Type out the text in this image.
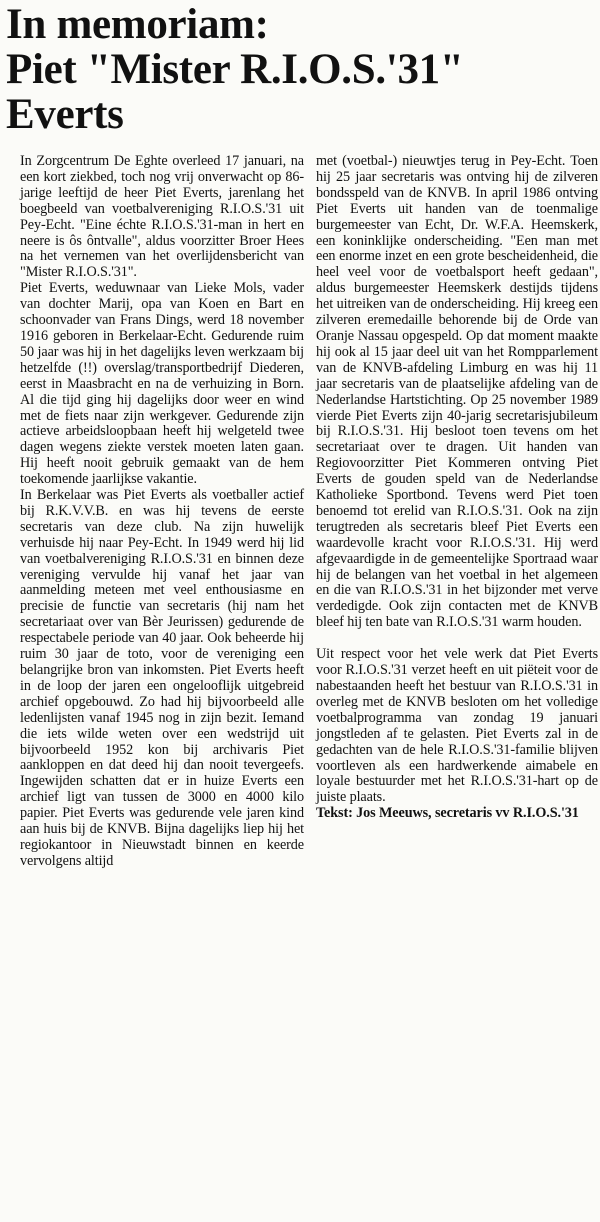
In memoriam:
Piet "Mister R.I.O.S.'31"
Everts

In Zorgcentrum De Eghte overleed 17 januari, na een kort ziekbed, toch nog vrij onverwacht op 86-jarige leeftijd de heer Piet Everts, jarenlang het boegbeeld van voetbalvereniging R.I.O.S.'31 uit Pey-Echt. "Eine échte R.I.O.S.'31-man in hert en neere is ôs ôntvalle", aldus voorzitter Broer Hees na het vernemen van het overlijdensbericht van "Mister R.I.O.S.'31".

Piet Everts, weduwnaar van Lieke Mols, vader van dochter Marij, opa van Koen en Bart en schoonvader van Frans Dings, werd 18 november 1916 geboren in Berkelaar-Echt. Gedurende ruim 50 jaar was hij in het dagelijks leven werkzaam bij hetzelfde (!!) overslag/transportbedrijf Diederen, eerst in Maasbracht en na de verhuizing in Born. Al die tijd ging hij dagelijks door weer en wind met de fiets naar zijn werkgever. Gedurende zijn actieve arbeidsloopbaan heeft hij welgeteld twee dagen wegens ziekte verstek moeten laten gaan. Hij heeft nooit gebruik gemaakt van de hem toekomende jaarlijkse vakantie.

In Berkelaar was Piet Everts als voetballer actief bij R.K.V.V.B. en was hij tevens de eerste secretaris van deze club. Na zijn huwelijk verhuisde hij naar Pey-Echt. In 1949 werd hij lid van voetbalvereniging R.I.O.S.'31 en binnen deze vereniging vervulde hij vanaf het jaar van aanmelding meteen met veel enthousiasme en precisie de functie van secretaris (hij nam het secretariaat over van Bèr Jeurissen) gedurende de respectabele periode van 40 jaar. Ook beheerde hij ruim 30 jaar de toto, voor de vereniging een belangrijke bron van inkomsten. Piet Everts heeft in de loop der jaren een ongelooflijk uitgebreid archief opgebouwd. Zo had hij bijvoorbeeld alle ledenlijsten vanaf 1945 nog in zijn bezit. Iemand die iets wilde weten over een wedstrijd uit bijvoorbeeld 1952 kon bij archivaris Piet aankloppen en dat deed hij dan nooit tevergeefs. Ingewijden schatten dat er in huize Everts een archief ligt van tussen de 3000 en 4000 kilo papier. Piet Everts was gedurende vele jaren kind aan huis bij de KNVB. Bijna dagelijks liep hij het regiokantoor in Nieuwstadt binnen en keerde vervolgens altijd

met (voetbal-) nieuwtjes terug in Pey-Echt. Toen hij 25 jaar secretaris was ontving hij de zilveren bondsspeld van de KNVB. In april 1986 ontving Piet Everts uit handen van de toenmalige burgemeester van Echt, Dr. W.F.A. Heemskerk, een koninklijke onderscheiding. "Een man met een enorme inzet en een grote bescheidenheid, die heel veel voor de voetbalsport heeft gedaan", aldus burgemeester Heemskerk destijds tijdens het uitreiken van de onderscheiding. Hij kreeg een zilveren eremedaille behorende bij de Orde van Oranje Nassau opgespeld. Op dat moment maakte hij ook al 15 jaar deel uit van het Rompparlement van de KNVB-afdeling Limburg en was hij 11 jaar secretaris van de plaatselijke afdeling van de Nederlandse Hartstichting. Op 25 november 1989 vierde Piet Everts zijn 40-jarig secretarisjubileum bij R.I.O.S.'31. Hij besloot toen tevens om het secretariaat over te dragen. Uit handen van Regiovoorzitter Piet Kommeren ontving Piet Everts de gouden speld van de Nederlandse Katholieke Sportbond. Tevens werd Piet toen benoemd tot erelid van R.I.O.S.'31. Ook na zijn terugtreden als secretaris bleef Piet Everts een waardevolle kracht voor R.I.O.S.'31. Hij werd afgevaardigde in de gemeentelijke Sportraad waar hij de belangen van het voetbal in het algemeen en die van R.I.O.S.'31 in het bijzonder met verve verdedigde. Ook zijn contacten met de KNVB bleef hij ten bate van R.I.O.S.'31 warm houden.

Uit respect voor het vele werk dat Piet Everts voor R.I.O.S.'31 verzet heeft en uit piëteit voor de nabestaanden heeft het bestuur van R.I.O.S.'31 in overleg met de KNVB besloten om het volledige voetbalprogramma van zondag 19 januari jongstleden af te gelasten. Piet Everts zal in de gedachten van de hele R.I.O.S.'31-familie blijven voortleven als een hardwerkende aimabele en loyale bestuurder met het R.I.O.S.'31-hart op de juiste plaats.

Tekst: Jos Meeuws, secretaris vv R.I.O.S.'31
